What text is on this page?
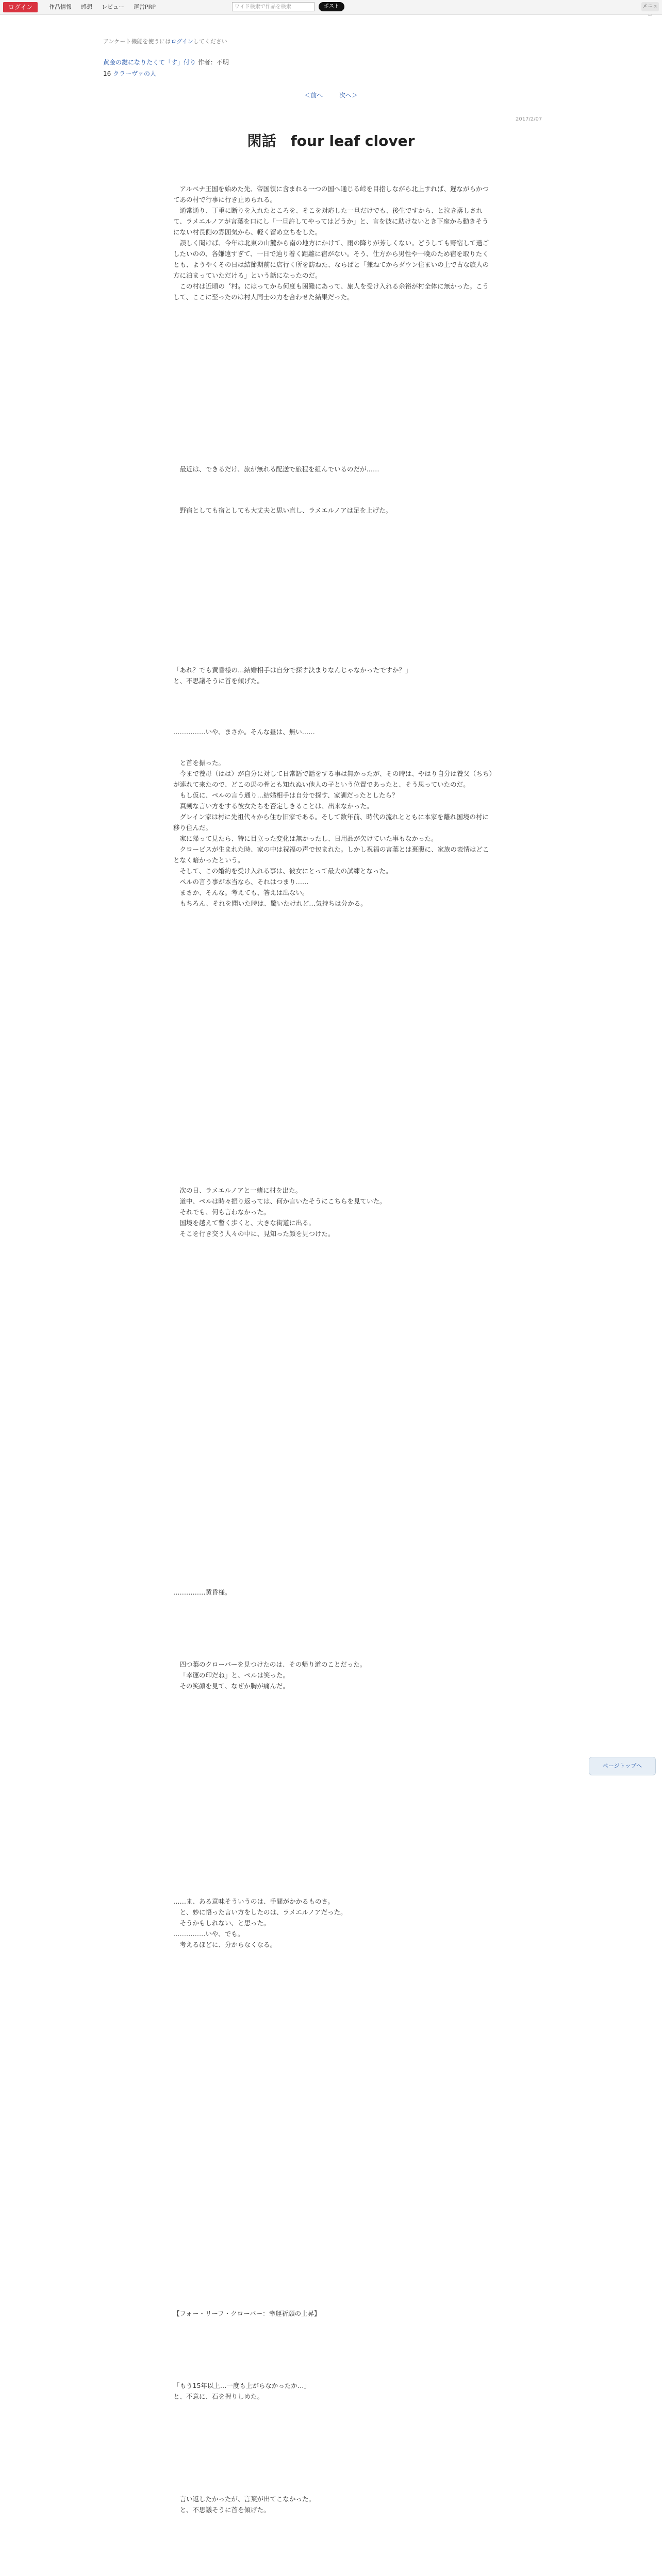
ログイン	作品情報	感想	レビュー	運営PRP	ワイド検索で作品を検索	ポスト	メニュー
アンケート機能を使うにはログインしてください
黄金の鍵になりたくて「す」付り 作者：不明
16 クラーヴァの人
＜前へ	次へ＞
2017/2/07
閑話　four leaf clover

アルベナ王国を始めた先、帝国領に含まれる一つの国へ通じる峠を目指しながら北上すれば、遅ながらかつてあの村で行事に行き止められる。

通常通り、丁重に断りを入れたところを、そこを対応した一旦だけでも、後生ですから、と泣き落しされて、ラメエルノアが言葉を口にし「一旦許してやってはどうか」と、言を彼に助けないとき下座から動きそうにない村長側の雰囲気から、軽く留め立ちをした。

誤しく聞けば、今年は北東の山麓から南の地方にかけて、雨の降りが芳しくない。どうしても野宿して過ごしたいのの、各嫌遠すぎて、一日で辿り着く距離に宿がない。そう、仕方から男性や一晩のため宿を取りたくとも、ようやくその日は結節期前に店行く所を訪ねた、ならばと「兼ねてからダウン住まいの上で古な旅人の方に泊まっていただける」という話になったのだ。

この村は近頃の〝村〟にはってから何度も困難にあって、旅人を受け入れる余裕が村全体に無かった。こうして、ここに至ったのは村人同士の力を合わせた結果だった。

最近は、できるだけ、旅が無れる配送で旅程を組んでいるのだが……

野宿としても宿としても大丈夫と思い直し、ラメエルノアは足を上げた。

「あれ？でも黄昏様の…結婚相手は自分で探す決まりなんじゃなかったですか？」

と、不思議そうに首を傾げた。

……………いや、まさか。そんな昼は、無い……

と首を振った。

今まで養母（はは）が自分に対して日常語で話をする事は無かったが、その時は、やはり自分は養父（ちち）が連れて来たので、どこの馬の骨とも知れぬい他人の子という位置であったと、そう思っていたのだ。

もし仮に、ペルの言う通り…結婚相手は自分で探す、家訓だったとしたら？

真剣な言い方をする彼女たちを否定しきることは、出来なかった。

グレイン家は村に先祖代々から住む旧家である。そして数年前、時代の流れとともに本家を離れ国境の村に移り住んだ。

家に帰って見たら、特に目立った変化は無かったし、日用品が欠けていた事もなかった。

クロービスが生まれた時、家の中は祝福の声で包まれた。しかし祝福の言葉とは裏腹に、家族の表情はどことなく暗かったという。

そして、この婚約を受け入れる事は、彼女にとって最大の試練となった。

ペルの言う事が本当なら、それはつまり……

まさか、そんな。考えても、答えは出ない。

もちろん、それを聞いた時は、驚いたけれど…気持ちは分かる。

次の日、ラメエルノアと一緒に村を出た。

道中、ペルは時々振り返っては、何か言いたそうにこちらを見ていた。

それでも、何も言わなかった。

国境を越えて暫く歩くと、大きな街道に出る。

そこを行き交う人々の中に、見知った顔を見つけた。

……………黄昏様。

四つ葉のクローバーを見つけたのは、その帰り道のことだった。

「幸運の印だね」と、ペルは笑った。

その笑顔を見て、なぜか胸が痛んだ。

……ま、ある意味そういうのは、手間がかかるものさ。

と、妙に悟った言い方をしたのは、ラメエルノアだった。

そうかもしれない、と思った。

……………いや、でも。

考えるほどに、分からなくなる。

【フォー・リーフ・クローバー：幸運祈願の上昇】

「もう15年以上…一度も上がらなかったか…」

と、不意に、石を握りしめた。

言い返したかったが、言葉が出てこなかった。

と、不思議そうに首を傾げた。

ページトップへ
